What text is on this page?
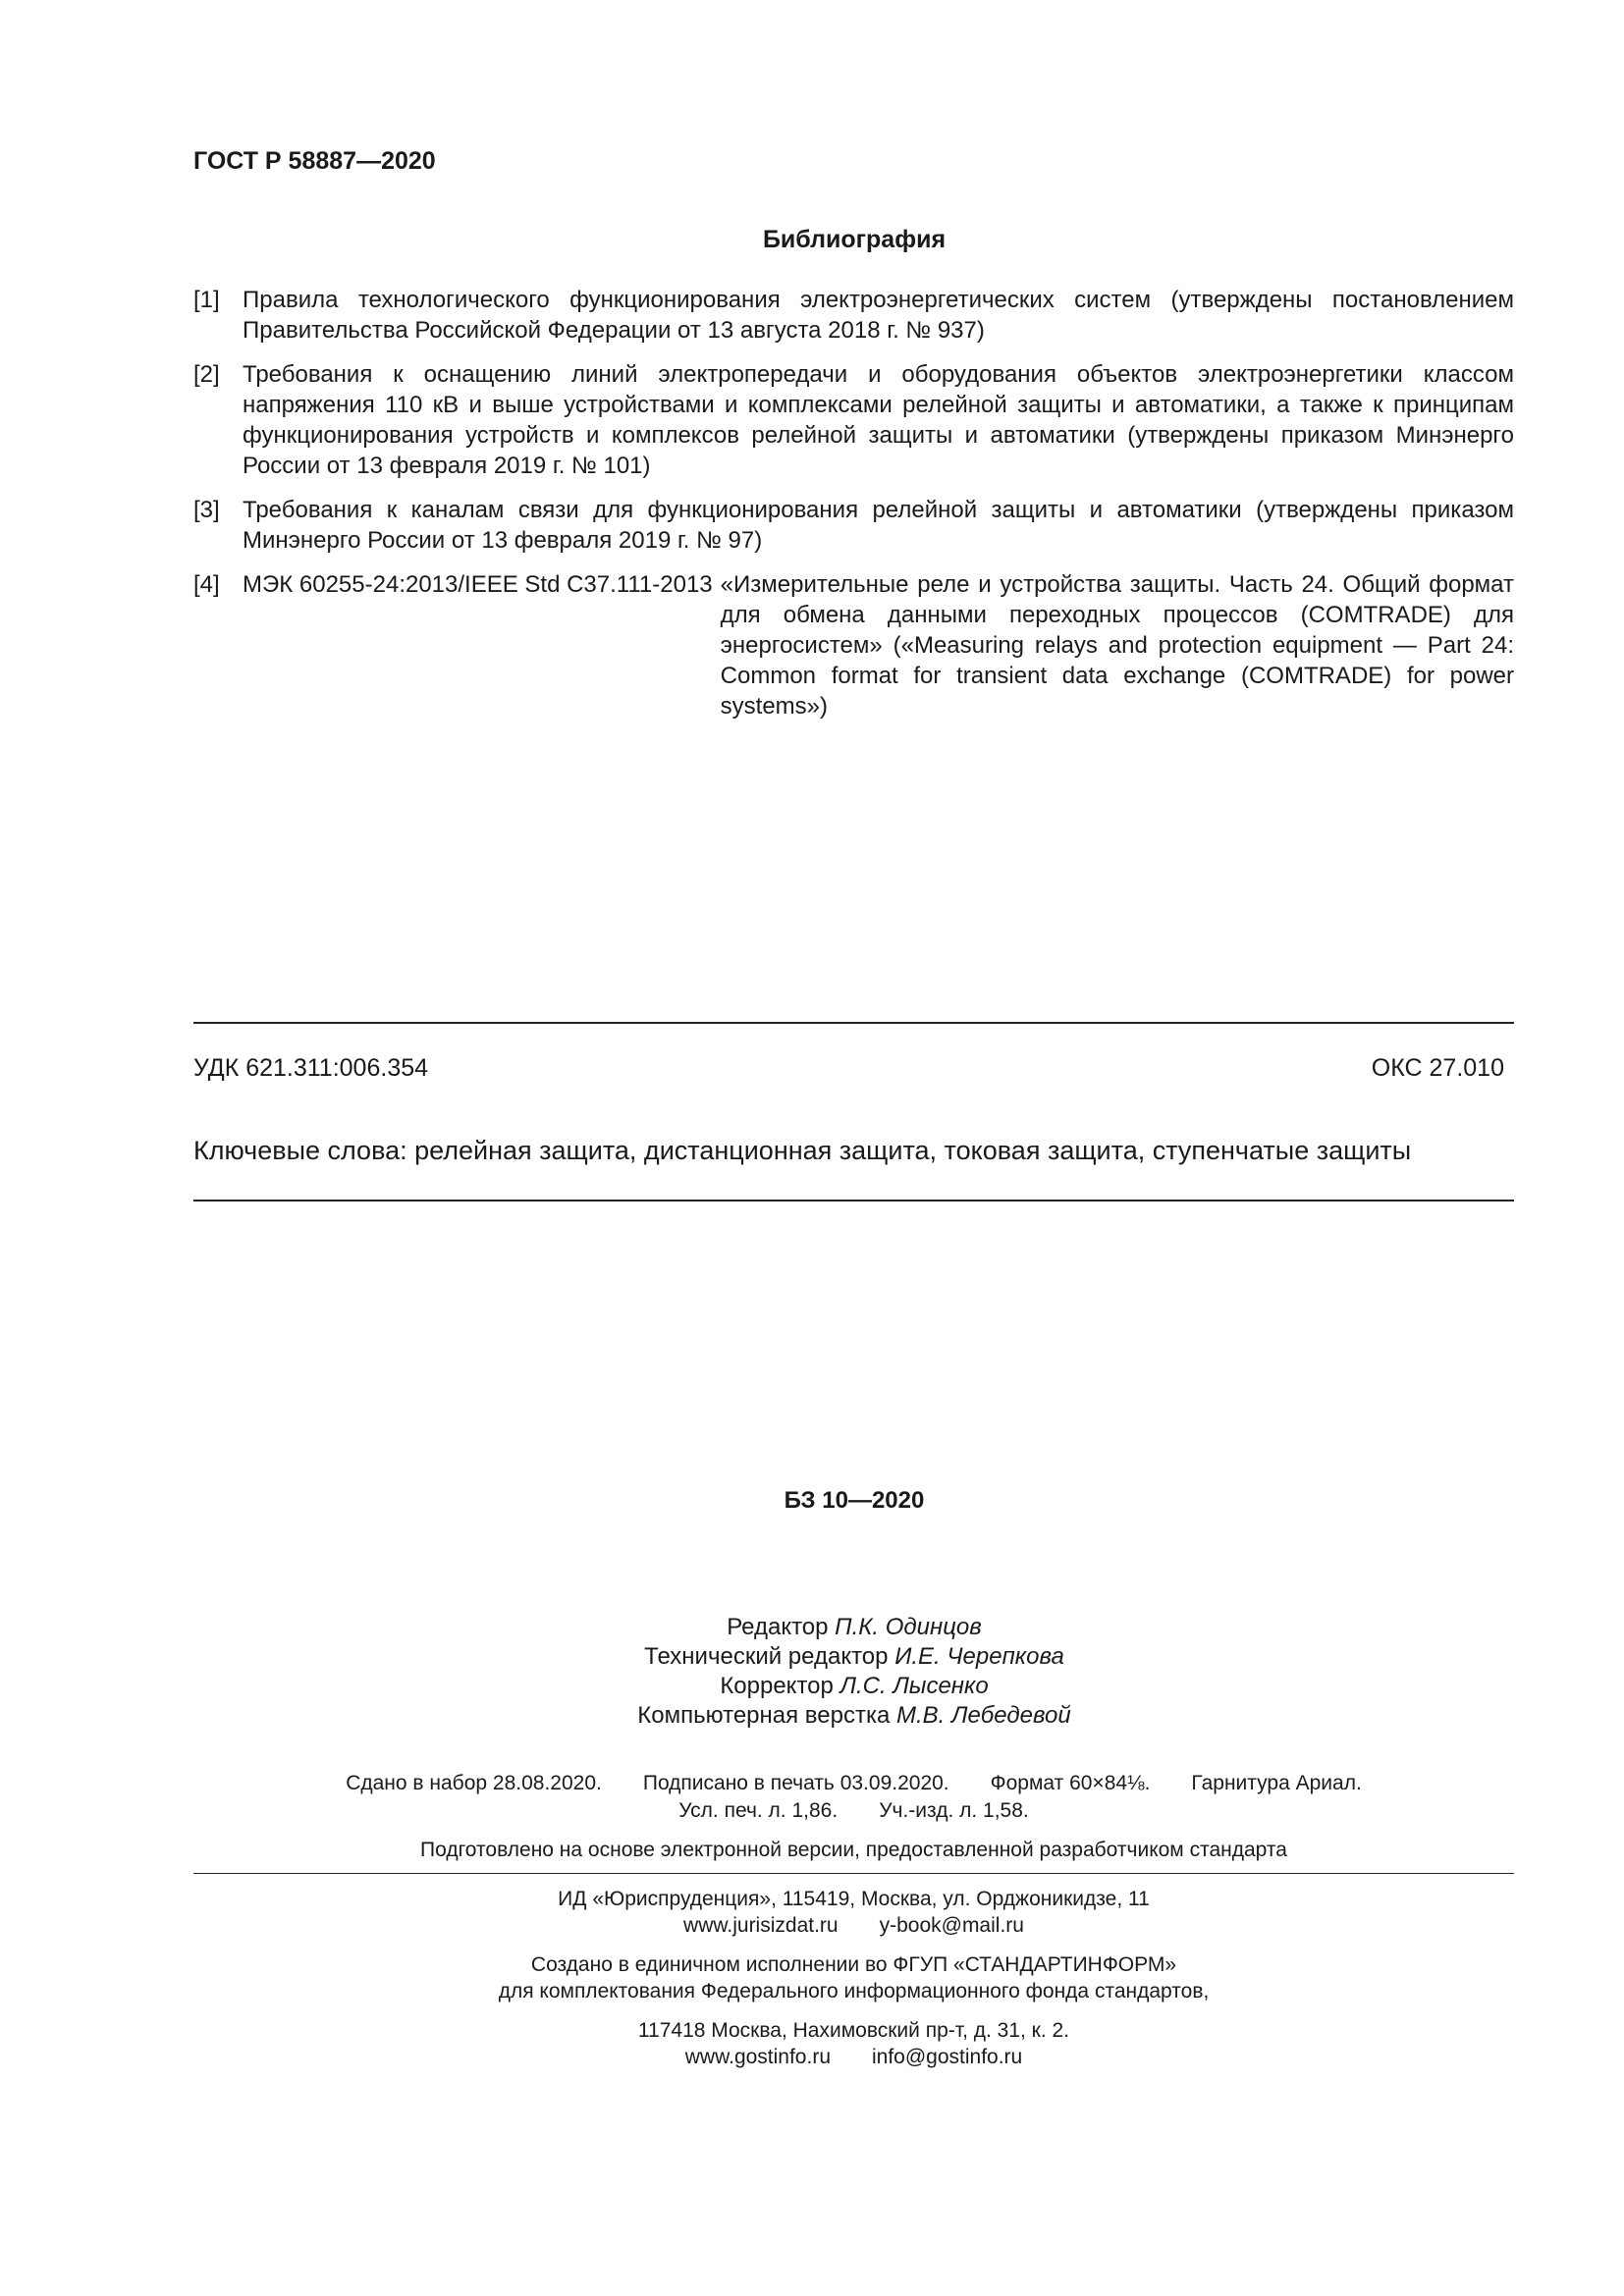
ГОСТ Р 58887—2020
Библиография
[1] Правила технологического функционирования электроэнергетических систем (утверждены постановлением Правительства Российской Федерации от 13 августа 2018 г. № 937)
[2] Требования к оснащению линий электропередачи и оборудования объектов электроэнергетики классом напряжения 110 кВ и выше устройствами и комплексами релейной защиты и автоматики, а также к принципам функционирования устройств и комплексов релейной защиты и автоматики (утверждены приказом Минэнерго России от 13 февраля 2019 г. № 101)
[3] Требования к каналам связи для функционирования релейной защиты и автоматики (утверждены приказом Минэнерго России от 13 февраля 2019 г. № 97)
[4] МЭК 60255-24:2013/IEEE Std C37.111-2013 «Измерительные реле и устройства защиты. Часть 24. Общий формат для обмена данными переходных процессов (COMTRADE) для энергосистем» («Measuring relays and protection equipment — Part 24: Common format for transient data exchange (COMTRADE) for power systems»)
УДК 621.311:006.354	ОКС 27.010
Ключевые слова: релейная защита, дистанционная защита, токовая защита, ступенчатые защиты
БЗ 10—2020
Редактор П.К. Одинцов
Технический редактор И.Е. Черепкова
Корректор Л.С. Лысенко
Компьютерная верстка М.В. Лебедевой
Сдано в набор 28.08.2020. Подписано в печать 03.09.2020. Формат 60×84⅛. Гарнитура Ариал.
Усл. печ. л. 1,86. Уч.-изд. л. 1,58.
Подготовлено на основе электронной версии, предоставленной разработчиком стандарта
ИД «Юриспруденция», 115419, Москва, ул. Орджоникидзе, 11
www.jurisizdat.ru y-book@mail.ru
Создано в единичном исполнении во ФГУП «СТАНДАРТИНФОРМ»
для комплектования Федерального информационного фонда стандартов,
117418 Москва, Нахимовский пр-т, д. 31, к. 2.
www.gostinfo.ru info@gostinfo.ru
